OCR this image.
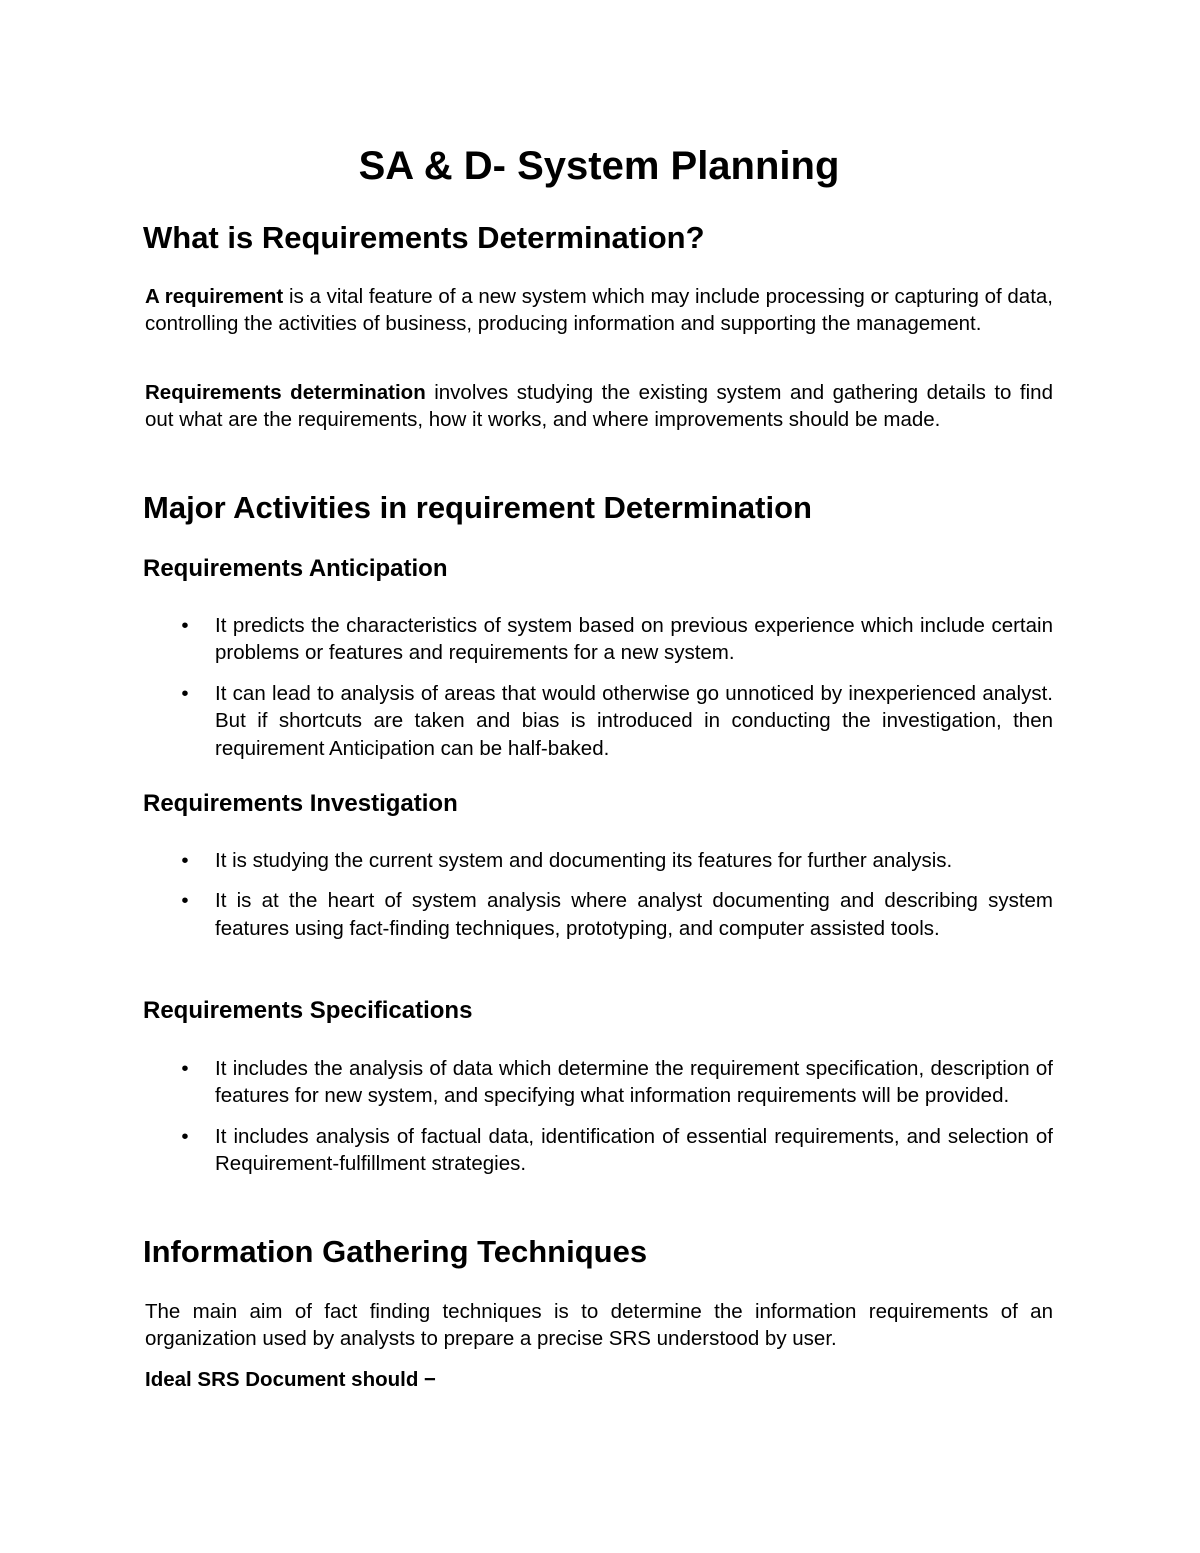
SA & D- System Planning
What is Requirements Determination?

A requirement is a vital feature of a new system which may include processing or capturing of data, controlling the activities of business, producing information and supporting the management.

Requirements determination involves studying the existing system and gathering details to find out what are the requirements, how it works, and where improvements should be made.

Major Activities in requirement Determination
Requirements Anticipation
• It predicts the characteristics of system based on previous experience which include certain problems or features and requirements for a new system.
• It can lead to analysis of areas that would otherwise go unnoticed by inexperienced analyst. But if shortcuts are taken and bias is introduced in conducting the investigation, then requirement Anticipation can be half-baked.
Requirements Investigation
• It is studying the current system and documenting its features for further analysis.
• It is at the heart of system analysis where analyst documenting and describing system features using fact-finding techniques, prototyping, and computer assisted tools.
Requirements Specifications
• It includes the analysis of data which determine the requirement specification, description of features for new system, and specifying what information requirements will be provided.
• It includes analysis of factual data, identification of essential requirements, and selection of Requirement-fulfillment strategies.
Information Gathering Techniques

The main aim of fact finding techniques is to determine the information requirements of an organization used by analysts to prepare a precise SRS understood by user.

Ideal SRS Document should −
